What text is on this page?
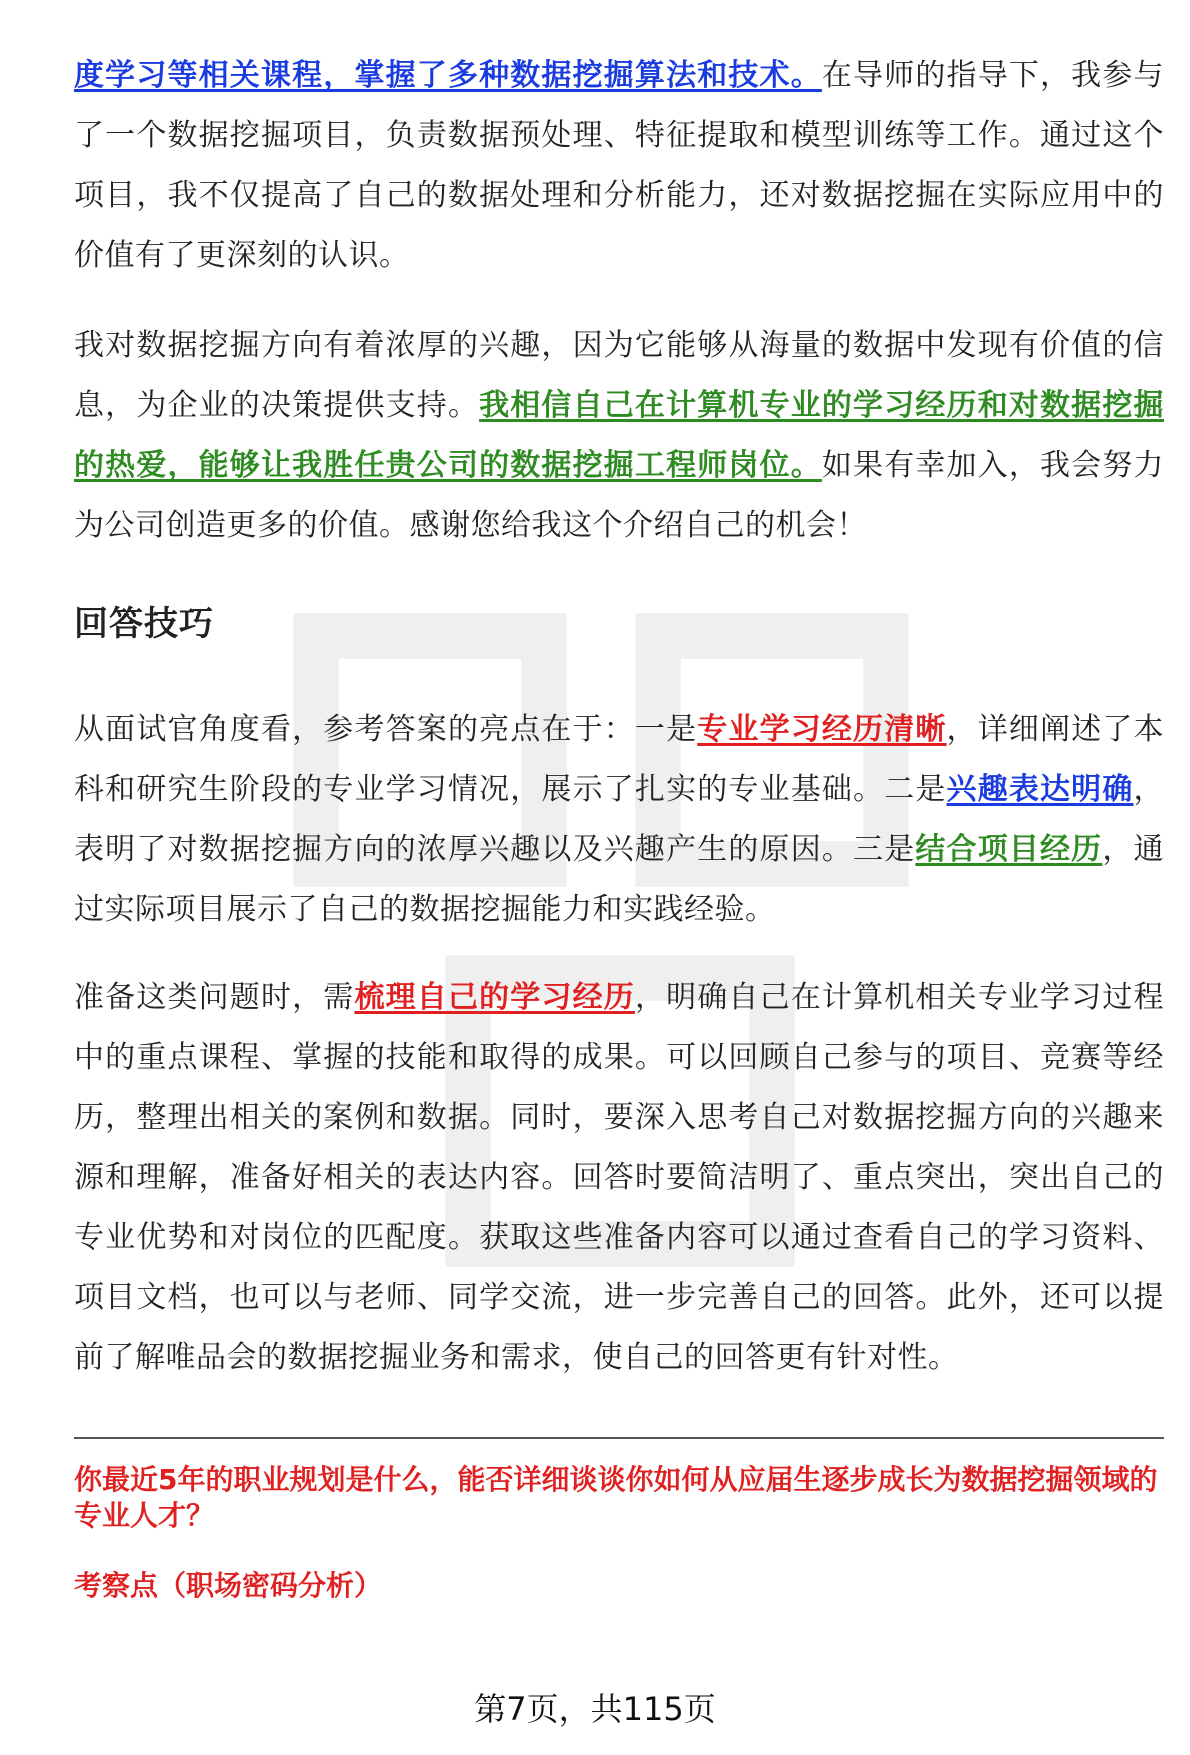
度学习等相关课程，掌握了多种数据挖掘算法和技术。在导师的指导下，我参与了一个数据挖掘项目，负责数据预处理、特征提取和模型训练等工作。通过这个项目，我不仅提高了自己的数据处理和分析能力，还对数据挖掘在实际应用中的价值有了更深刻的认识。

我对数据挖掘方向有着浓厚的兴趣，因为它能够从海量的数据中发现有价值的信息，为企业的决策提供支持。我相信自己在计算机专业的学习经历和对数据挖掘的热爱，能够让我胜任贵公司的数据挖掘工程师岗位。如果有幸加入，我会努力为公司创造更多的价值。感谢您给我这个介绍自己的机会！

回答技巧

从面试官角度看，参考答案的亮点在于：一是专业学习经历清晰，详细阐述了本科和研究生阶段的专业学习情况，展示了扎实的专业基础。二是兴趣表达明确，表明了对数据挖掘方向的浓厚兴趣以及兴趣产生的原因。三是结合项目经历，通过实际项目展示了自己的数据挖掘能力和实践经验。

准备这类问题时，需梳理自己的学习经历，明确自己在计算机相关专业学习过程中的重点课程、掌握的技能和取得的成果。可以回顾自己参与的项目、竞赛等经历，整理出相关的案例和数据。同时，要深入思考自己对数据挖掘方向的兴趣来源和理解，准备好相关的表达内容。回答时要简洁明了、重点突出，突出自己的专业优势和对岗位的匹配度。获取这些准备内容可以通过查看自己的学习资料、项目文档，也可以与老师、同学交流，进一步完善自己的回答。此外，还可以提前了解唯品会的数据挖掘业务和需求，使自己的回答更有针对性。

你最近5年的职业规划是什么，能否详细谈谈你如何从应届生逐步成长为数据挖掘领域的专业人才？

考察点（职场密码分析）

第7页，共115页
